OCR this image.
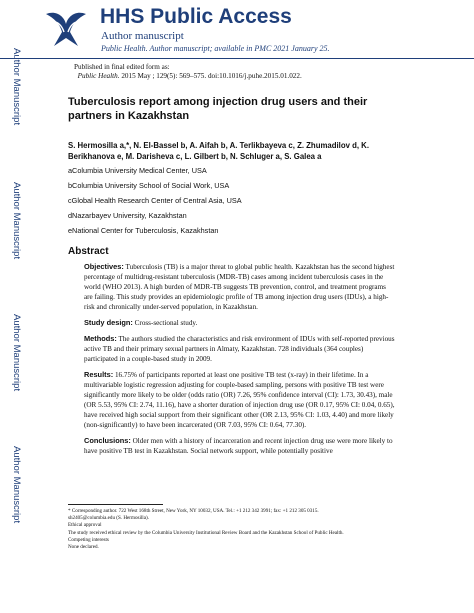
HHS Public Access
Author manuscript
Public Health. Author manuscript; available in PMC 2021 January 25.
Author Manuscript
Author Manuscript
Author Manuscript
Author Manuscript
Published in final edited form as:
Public Health. 2015 May ; 129(5): 569–575. doi:10.1016/j.puhe.2015.01.022.
Tuberculosis report among injection drug users and their partners in Kazakhstan
S. Hermosilla a,*, N. El-Bassel b, A. Aifah b, A. Terlikbayeva c, Z. Zhumadilov d, K. Berikhanova e, M. Darisheva c, L. Gilbert b, N. Schluger a, S. Galea a
aColumbia University Medical Center, USA
bColumbia University School of Social Work, USA
cGlobal Health Research Center of Central Asia, USA
dNazarbayev University, Kazakhstan
eNational Center for Tuberculosis, Kazakhstan
Abstract

Objectives: Tuberculosis (TB) is a major threat to global public health. Kazakhstan has the second highest percentage of multidrug-resistant tuberculosis (MDR-TB) cases among incident tuberculosis cases in the world (WHO 2013). A high burden of MDR-TB suggests TB prevention, control, and treatment programs are failing. This study provides an epidemiologic profile of TB among injection drug users (IDUs), a high-risk and chronically under-served population, in Kazakhstan.

Study design: Cross-sectional study.

Methods: The authors studied the characteristics and risk environment of IDUs with self-reported previous active TB and their primary sexual partners in Almaty, Kazakhstan. 728 individuals (364 couples) participated in a couple-based study in 2009.

Results: 16.75% of participants reported at least one positive TB test (x-ray) in their lifetime. In a multivariable logistic regression adjusting for couple-based sampling, persons with positive TB test were significantly more likely to be older (odds ratio (OR) 7.26, 95% confidence interval (CI): 1.73, 30.43), male (OR 5.53, 95% CI: 2.74, 11.16), have a shorter duration of injection drug use (OR 0.17, 95% CI: 0.04, 0.65), have received high social support from their significant other (OR 2.13, 95% CI: 1.03, 4.40) and more likely (non-significantly) to have been incarcerated (OR 7.03, 95% CI: 0.64, 77.30).

Conclusions: Older men with a history of incarceration and recent injection drug use were more likely to have positive TB test in Kazakhstan. Social network support, while potentially positive

* Corresponding author. 722 West 168th Street, New York, NY 10032, USA. Tel.: +1 212 342 3991; fax: +1 212 305 0315.
sh2405@columbia.edu (S. Hermosilla).
Ethical approval
The study received ethical review by the Columbia University Institutional Review Board and the Kazakhstan School of Public Health.
Competing interests
None declared.
